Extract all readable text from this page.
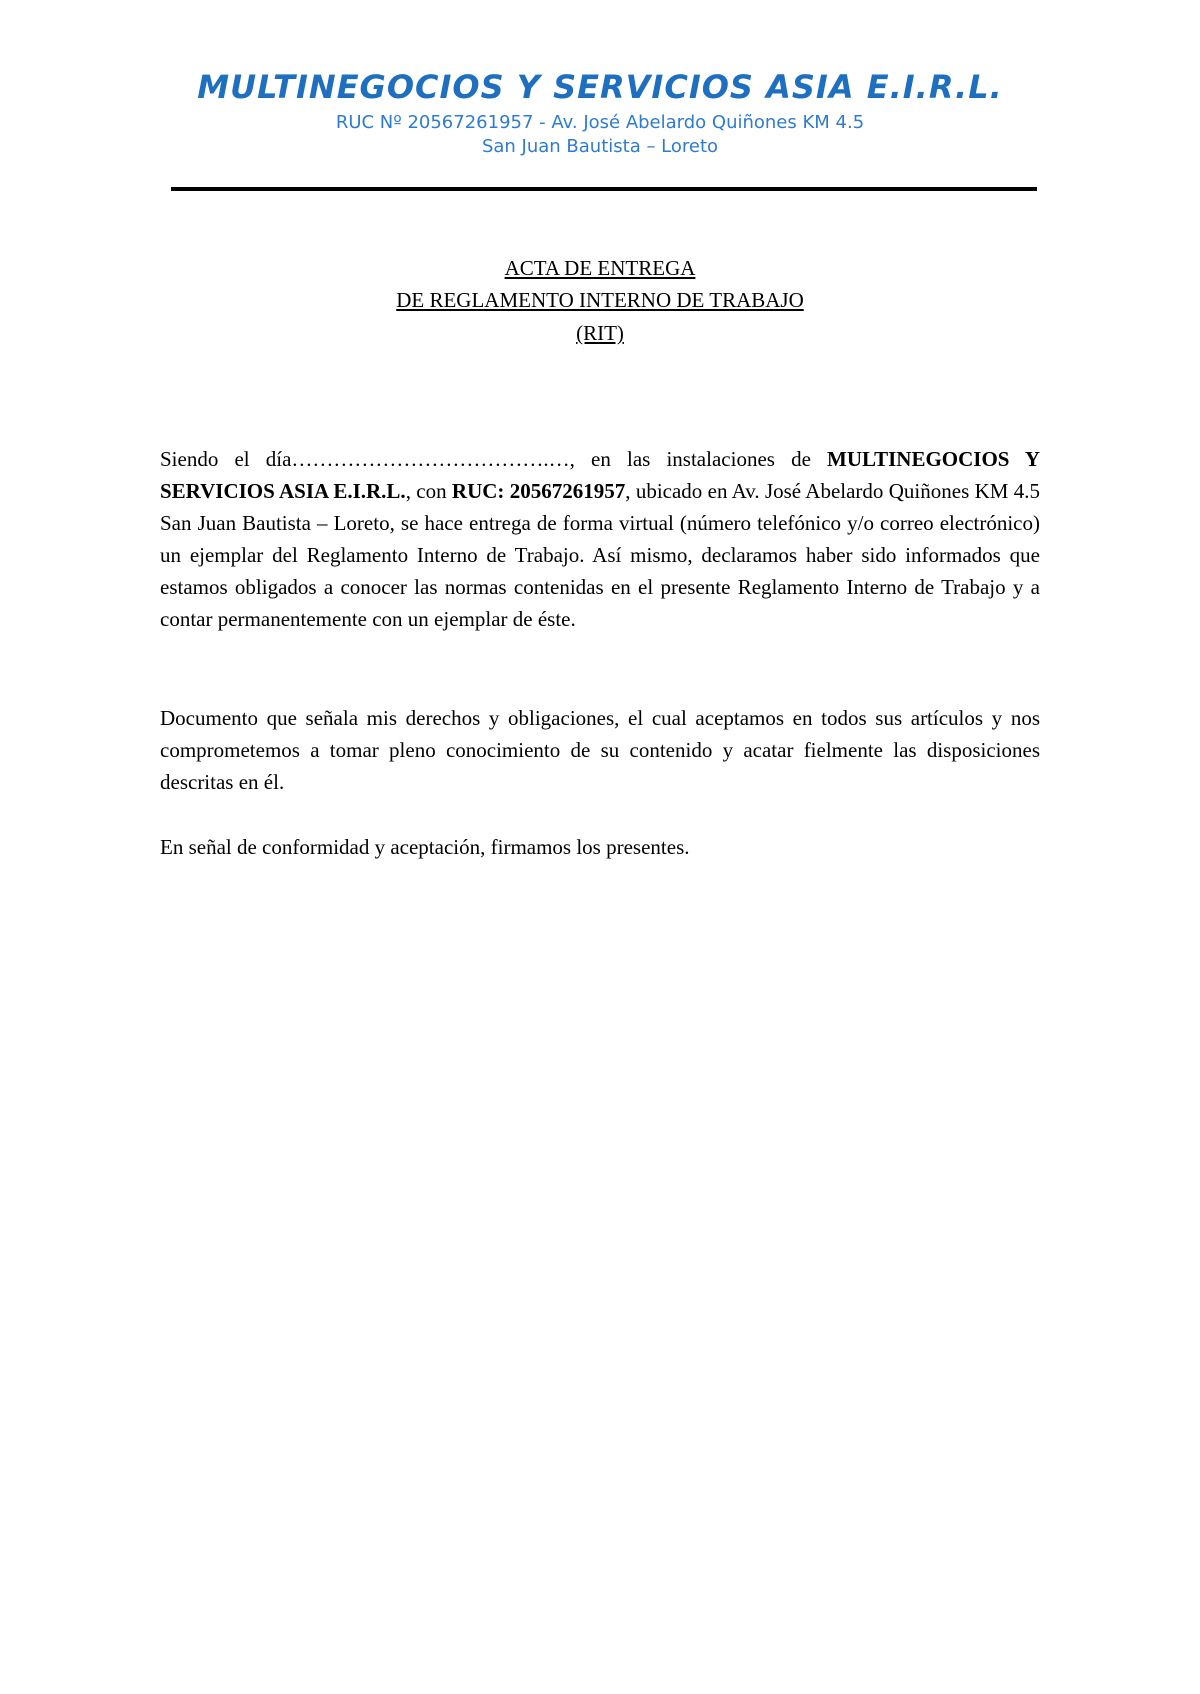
MULTINEGOCIOS Y SERVICIOS ASIA E.I.R.L.

RUC Nº 20567261957 - Av. José Abelardo Quiñones KM 4.5

San Juan Bautista – Loreto

ACTA DE ENTREGA

DE REGLAMENTO INTERNO DE TRABAJO

(RIT)

Siendo el día……………………………….…, en las instalaciones de MULTINEGOCIOS Y SERVICIOS ASIA E.I.R.L., con RUC: 20567261957, ubicado en Av. José Abelardo Quiñones KM 4.5 San Juan Bautista – Loreto, se hace entrega de forma virtual (número telefónico y/o correo electrónico) un ejemplar del Reglamento Interno de Trabajo. Así mismo, declaramos haber sido informados que estamos obligados a conocer las normas contenidas en el presente Reglamento Interno de Trabajo y a contar permanentemente con un ejemplar de éste.

Documento que señala mis derechos y obligaciones, el cual aceptamos en todos sus artículos y nos comprometemos a tomar pleno conocimiento de su contenido y acatar fielmente las disposiciones descritas en él.

En señal de conformidad y aceptación, firmamos los presentes.
